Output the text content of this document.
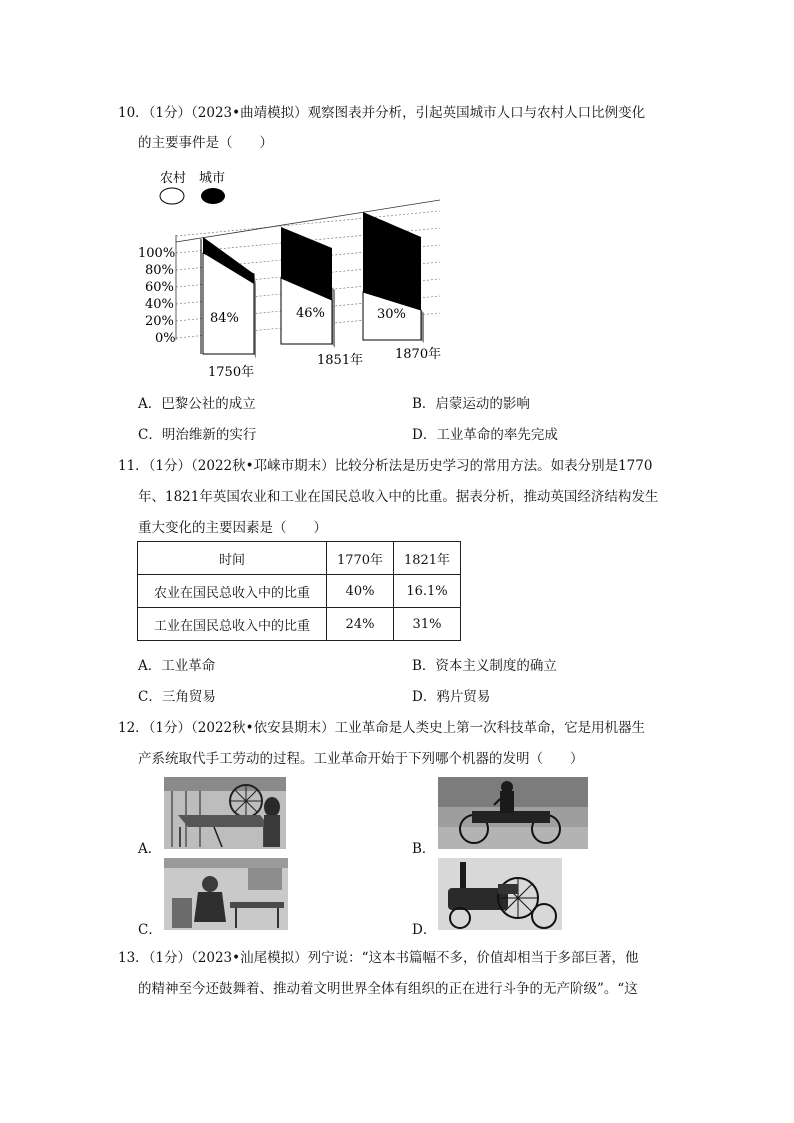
10．（1分）（2023•曲靖模拟）观察图表并分析，引起英国城市人口与农村人口比例变化
的主要事件是（　　）
农村 城市
100%
80%
60%
40%
20%
0%
84%	46%	30%
1750年
1851年 1870年
A．巴黎公社的成立	B．启蒙运动的影响
C．明治维新的实行	D．工业革命的率先完成
11．（1分）（2022秋•邛崃市期末）比较分析法是历史学习的常用方法。如表分别是1770
年、1821年英国农业和工业在国民总收入中的比重。据表分析，推动英国经济结构发生
重大变化的主要因素是（　　）
时间	1770年	1821年
农业在国民总收入中的比重	40%	16.1%
工业在国民总收入中的比重	24%	31%
A．工业革命	B．资本主义制度的确立
C．三角贸易	D．鸦片贸易
12．（1分）（2022秋•依安县期末）工业革命是人类史上第一次科技革命，它是用机器生
产系统取代手工劳动的过程。工业革命开始于下列哪个机器的发明（　　）
A．	B．
C．	D．
13．（1分）（2023•汕尾模拟）列宁说：“这本书篇幅不多，价值却相当于多部巨著，他
的精神至今还鼓舞着、推动着文明世界全体有组织的正在进行斗争的无产阶级”。“这
